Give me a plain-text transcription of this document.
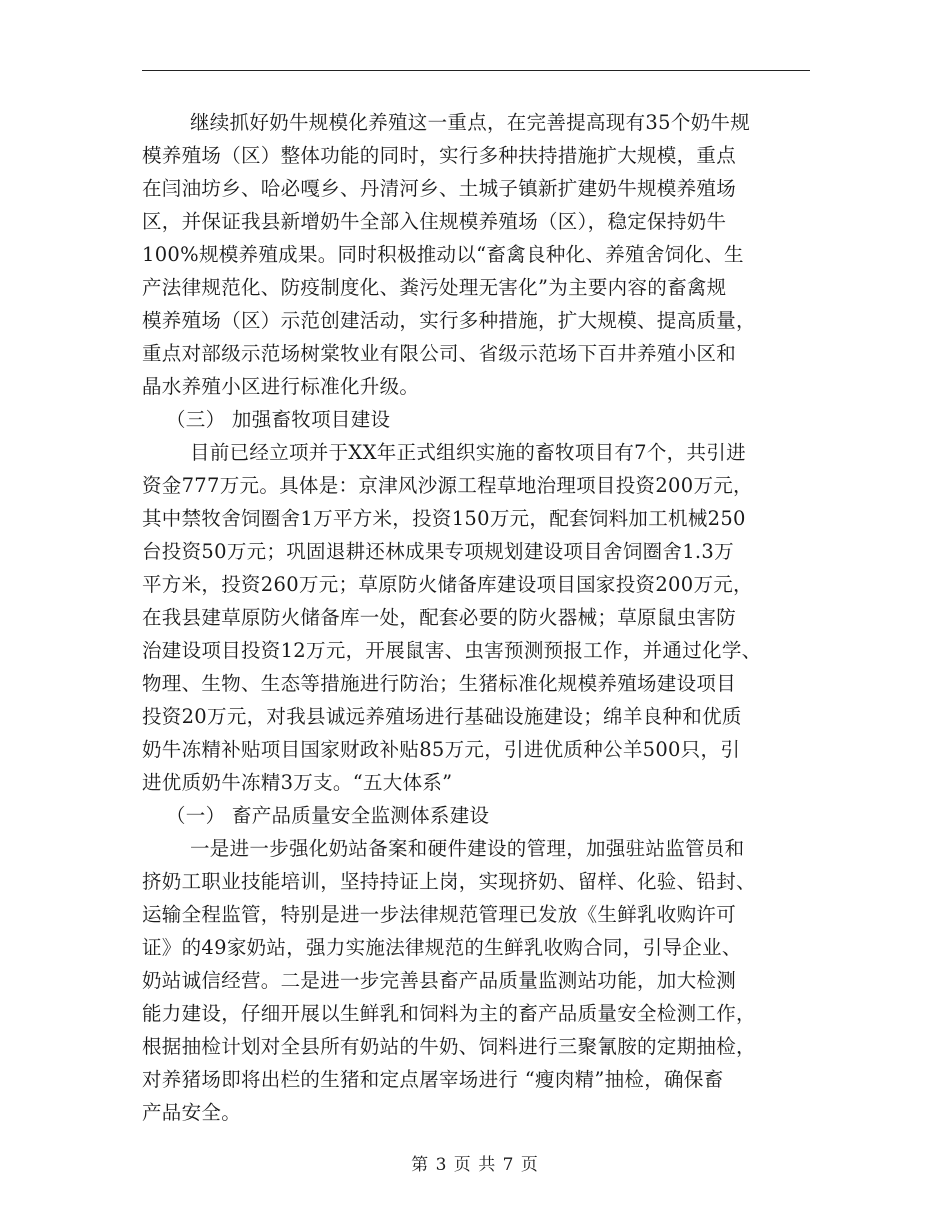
继续抓好奶牛规模化养殖这一重点，在完善提高现有35个奶牛规
模养殖场（区）整体功能的同时，实行多种扶持措施扩大规模，重点
在闫油坊乡、哈必嘎乡、丹清河乡、土城子镇新扩建奶牛规模养殖场
区，并保证我县新增奶牛全部入住规模养殖场（区），稳定保持奶牛
100%规模养殖成果。同时积极推动以“畜禽良种化、养殖舍饲化、生
产法律规范化、防疫制度化、粪污处理无害化”为主要内容的畜禽规
模养殖场（区）示范创建活动，实行多种措施，扩大规模、提高质量，
重点对部级示范场树棠牧业有限公司、省级示范场下百井养殖小区和
晶水养殖小区进行标准化升级。
（三） 加强畜牧项目建设
目前已经立项并于XX年正式组织实施的畜牧项目有7个，共引进
资金777万元。具体是：京津风沙源工程草地治理项目投资200万元，
其中禁牧舍饲圈舍1万平方米，投资150万元，配套饲料加工机械250
台投资50万元；巩固退耕还林成果专项规划建设项目舍饲圈舍1.3万
平方米，投资260万元；草原防火储备库建设项目国家投资200万元，
在我县建草原防火储备库一处，配套必要的防火器械；草原鼠虫害防
治建设项目投资12万元，开展鼠害、虫害预测预报工作，并通过化学、
物理、生物、生态等措施进行防治；生猪标准化规模养殖场建设项目
投资20万元，对我县诚远养殖场进行基础设施建设；绵羊良种和优质
奶牛冻精补贴项目国家财政补贴85万元，引进优质种公羊500只，引
进优质奶牛冻精3万支。“五大体系”
（一） 畜产品质量安全监测体系建设
一是进一步强化奶站备案和硬件建设的管理，加强驻站监管员和
挤奶工职业技能培训，坚持持证上岗，实现挤奶、留样、化验、铅封、
运输全程监管，特别是进一步法律规范管理已发放《生鲜乳收购许可
证》的49家奶站，强力实施法律规范的生鲜乳收购合同，引导企业、
奶站诚信经营。二是进一步完善县畜产品质量监测站功能，加大检测
能力建设，仔细开展以生鲜乳和饲料为主的畜产品质量安全检测工作，
根据抽检计划对全县所有奶站的牛奶、饲料进行三聚氰胺的定期抽检，
对养猪场即将出栏的生猪和定点屠宰场进行 “瘦肉精”抽检，确保畜
产品安全。
第 3 页 共 7 页
